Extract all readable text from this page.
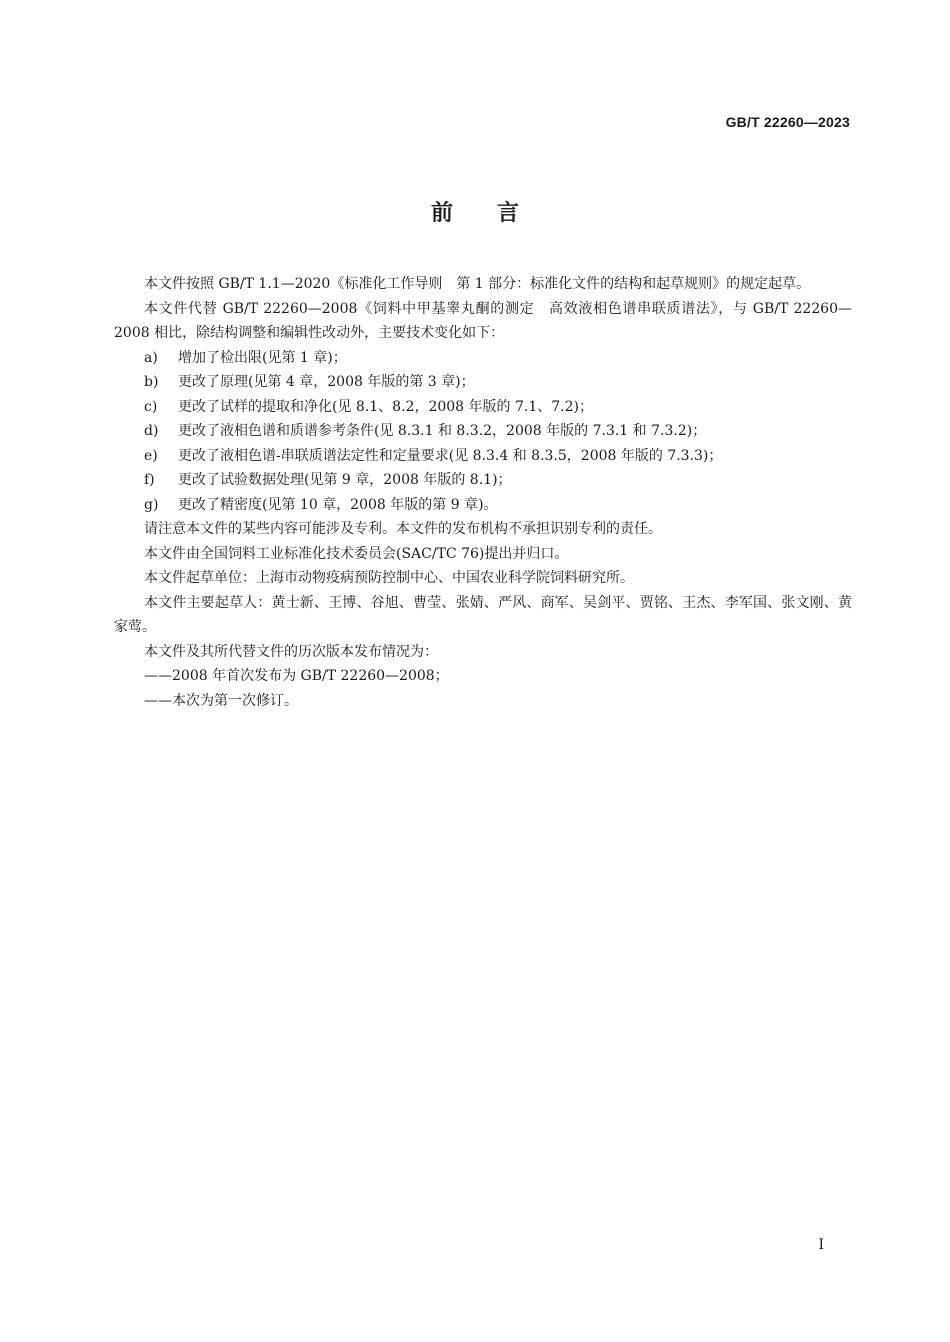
GB/T 22260—2023
前 言

本文件按照 GB/T 1.1—2020《标准化工作导则　第 1 部分：标准化文件的结构和起草规则》的规定起草。

本文件代替 GB/T 22260—2008《饲料中甲基睾丸酮的测定　高效液相色谱串联质谱法》，与 GB/T 22260—2008 相比，除结构调整和编辑性改动外，主要技术变化如下：

a) 增加了检出限(见第 1 章)；

b) 更改了原理(见第 4 章，2008 年版的第 3 章)；

c) 更改了试样的提取和净化(见 8.1、8.2，2008 年版的 7.1、7.2)；

d) 更改了液相色谱和质谱参考条件(见 8.3.1 和 8.3.2，2008 年版的 7.3.1 和 7.3.2)；

e) 更改了液相色谱-串联质谱法定性和定量要求(见 8.3.4 和 8.3.5，2008 年版的 7.3.3)；

f) 更改了试验数据处理(见第 9 章，2008 年版的 8.1)；

g) 更改了精密度(见第 10 章，2008 年版的第 9 章)。

请注意本文件的某些内容可能涉及专利。本文件的发布机构不承担识别专利的责任。

本文件由全国饲料工业标准化技术委员会(SAC/TC 76)提出并归口。

本文件起草单位：上海市动物疫病预防控制中心、中国农业科学院饲料研究所。

本文件主要起草人：黄士新、王博、谷旭、曹莹、张婧、严风、商军、吴剑平、贾铭、王杰、李军国、张文刚、黄家莺。

本文件及其所代替文件的历次版本发布情况为：

——2008 年首次发布为 GB/T 22260—2008；

——本次为第一次修订。

I
